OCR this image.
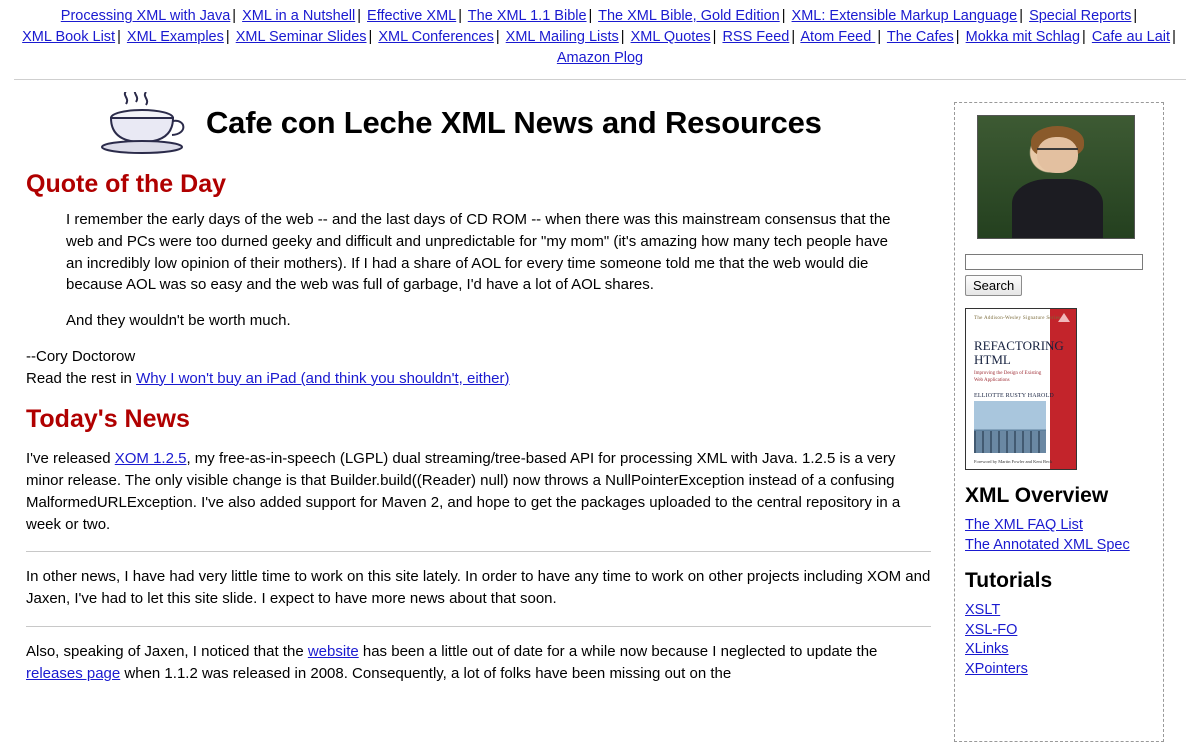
Processing XML with Java | XML in a Nutshell | Effective XML | The XML 1.1 Bible | The XML Bible, Gold Edition | XML: Extensible Markup Language | Special Reports | XML Book List | XML Examples | XML Seminar Slides | XML Conferences | XML Mailing Lists | XML Quotes | RSS Feed | Atom Feed | The Cafes | Mokka mit Schlag | Cafe au Lait | Amazon Plog
Cafe con Leche XML News and Resources
Quote of the Day

I remember the early days of the web -- and the last days of CD ROM -- when there was this mainstream consensus that the web and PCs were too durned geeky and difficult and unpredictable for "my mom" (it's amazing how many tech people have an incredibly low opinion of their mothers). If I had a share of AOL for every time someone told me that the web would die because AOL was so easy and the web was full of garbage, I'd have a lot of AOL shares.

And they wouldn't be worth much.

--Cory Doctorow
Read the rest in Why I won't buy an iPad (and think you shouldn't, either)
Today's News
I've released XOM 1.2.5, my free-as-in-speech (LGPL) dual streaming/tree-based API for processing XML with Java. 1.2.5 is a very minor release. The only visible change is that Builder.build((Reader) null) now throws a NullPointerException instead of a confusing MalformedURLException. I've also added support for Maven 2, and hope to get the packages uploaded to the central repository in a week or two.
In other news, I have had very little time to work on this site lately. In order to have any time to work on other projects including XOM and Jaxen, I've had to let this site slide. I expect to have more news about that soon.
Also, speaking of Jaxen, I noticed that the website has been a little out of date for a while now because I neglected to update the releases page when 1.1.2 was released in 2008. Consequently, a lot of folks have been missing out on the
Search
The Addison-Wesley Signature Series
REFACTORING
HTML
Improving the Design of Existing Web Applications
ELLIOTTE RUSTY HAROLD
Foreword by Martin Fowler and Kent Beck
XML Overview
The XML FAQ List
The Annotated XML Spec
Tutorials
XSLT
XSL-FO
XLinks
XPointers
